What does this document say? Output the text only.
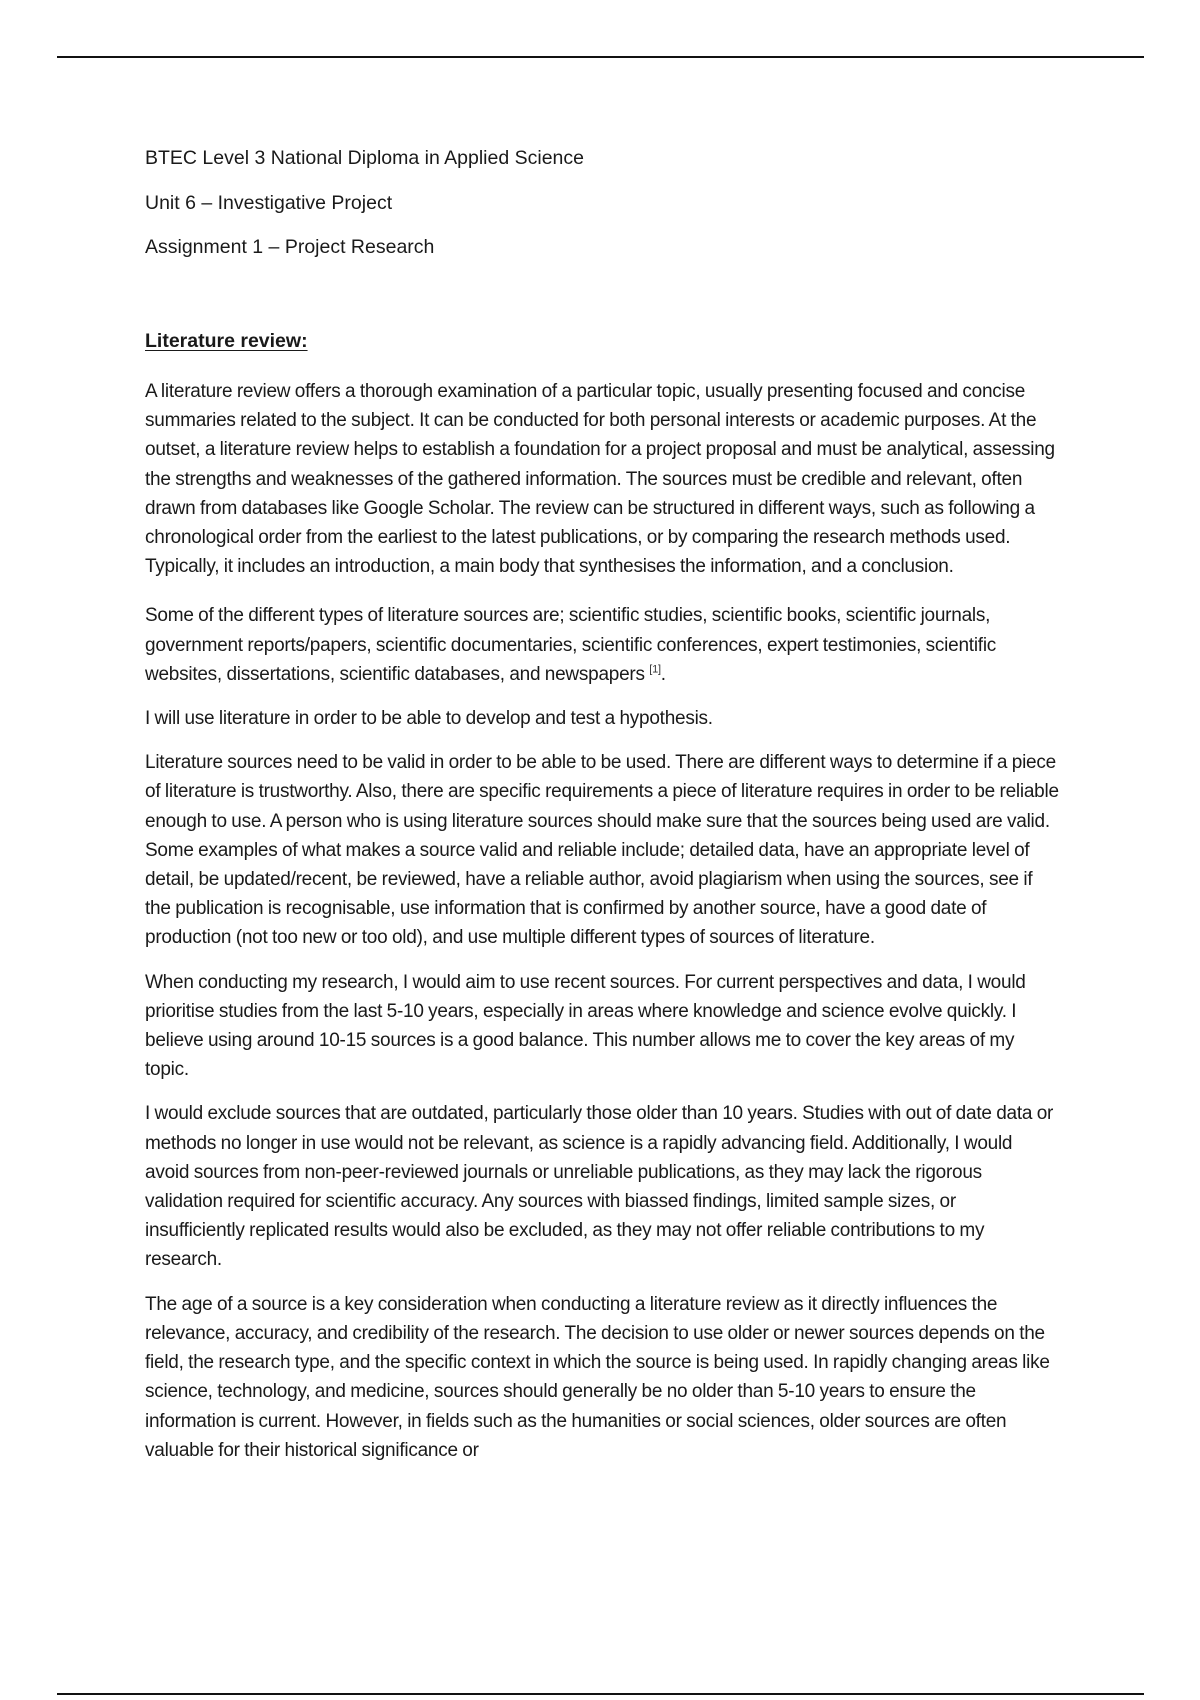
BTEC Level 3 National Diploma in Applied Science

Unit 6 – Investigative Project

Assignment 1 – Project Research

Literature review:

A literature review offers a thorough examination of a particular topic, usually presenting focused and concise summaries related to the subject. It can be conducted for both personal interests or academic purposes. At the outset, a literature review helps to establish a foundation for a project proposal and must be analytical, assessing the strengths and weaknesses of the gathered information. The sources must be credible and relevant, often drawn from databases like Google Scholar. The review can be structured in different ways, such as following a chronological order from the earliest to the latest publications, or by comparing the research methods used. Typically, it includes an introduction, a main body that synthesises the information, and a conclusion.

Some of the different types of literature sources are; scientific studies, scientific books, scientific journals, government reports/papers, scientific documentaries, scientific conferences, expert testimonies, scientific websites, dissertations, scientific databases, and newspapers [1].

I will use literature in order to be able to develop and test a hypothesis.

Literature sources need to be valid in order to be able to be used. There are different ways to determine if a piece of literature is trustworthy. Also, there are specific requirements a piece of literature requires in order to be reliable enough to use. A person who is using literature sources should make sure that the sources being used are valid. Some examples of what makes a source valid and reliable include; detailed data, have an appropriate level of detail, be updated/recent, be reviewed, have a reliable author, avoid plagiarism when using the sources, see if the publication is recognisable, use information that is confirmed by another source, have a good date of production (not too new or too old), and use multiple different types of sources of literature.

When conducting my research, I would aim to use recent sources. For current perspectives and data, I would prioritise studies from the last 5-10 years, especially in areas where knowledge and science evolve quickly. I believe using around 10-15 sources is a good balance. This number allows me to cover the key areas of my topic.

I would exclude sources that are outdated, particularly those older than 10 years. Studies with out of date data or methods no longer in use would not be relevant, as science is a rapidly advancing field. Additionally, I would avoid sources from non-peer-reviewed journals or unreliable publications, as they may lack the rigorous validation required for scientific accuracy. Any sources with biassed findings, limited sample sizes, or insufficiently replicated results would also be excluded, as they may not offer reliable contributions to my research.

The age of a source is a key consideration when conducting a literature review as it directly influences the relevance, accuracy, and credibility of the research. The decision to use older or newer sources depends on the field, the research type, and the specific context in which the source is being used. In rapidly changing areas like science, technology, and medicine, sources should generally be no older than 5-10 years to ensure the information is current. However, in fields such as the humanities or social sciences, older sources are often valuable for their historical significance or
